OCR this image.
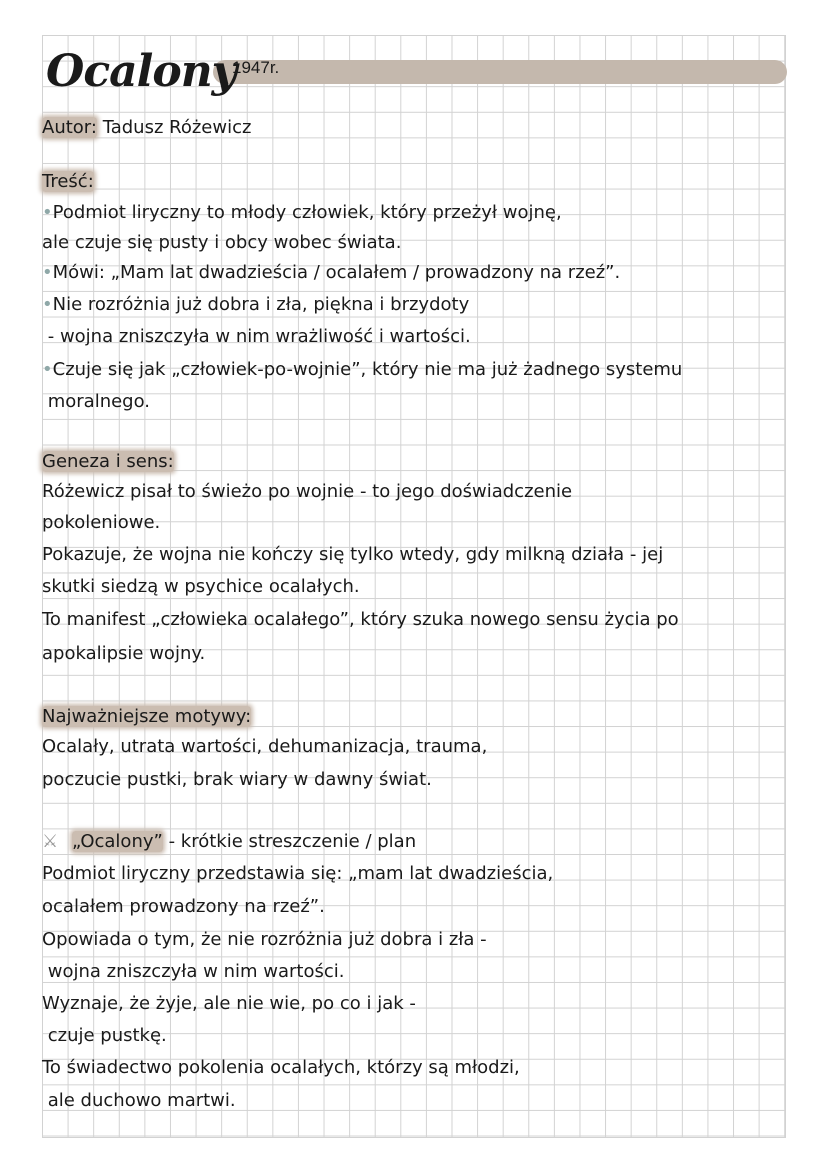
Ocalony
1947r.
Autor: Tadusz Różewicz
Treść:
•Podmiot liryczny to młody człowiek, który przeżył wojnę,
ale czuje się pusty i obcy wobec świata.
•Mówi: „Mam lat dwadzieścia / ocalałem / prowadzony na rzeź”.
•Nie rozróżnia już dobra i zła, piękna i brzydoty
- wojna zniszczyła w nim wrażliwość i wartości.
•Czuje się jak „człowiek-po-wojnie”, który nie ma już żadnego systemu
moralnego.
Geneza i sens:
Różewicz pisał to świeżo po wojnie - to jego doświadczenie
pokoleniowe.
Pokazuje, że wojna nie kończy się tylko wtedy, gdy milkną działa - jej
skutki siedzą w psychice ocalałych.
To manifest „człowieka ocalałego”, który szuka nowego sensu życia po
apokalipsie wojny.
Najważniejsze motywy:
Ocalały, utrata wartości, dehumanizacja, trauma,
poczucie pustki, brak wiary w dawny świat.
⚔ „Ocalony” - krótkie streszczenie / plan
Podmiot liryczny przedstawia się: „mam lat dwadzieścia,
ocalałem prowadzony na rzeź”.
Opowiada o tym, że nie rozróżnia już dobra i zła -
wojna zniszczyła w nim wartości.
Wyznaje, że żyje, ale nie wie, po co i jak -
czuje pustkę.
To świadectwo pokolenia ocalałych, którzy są młodzi,
ale duchowo martwi.
